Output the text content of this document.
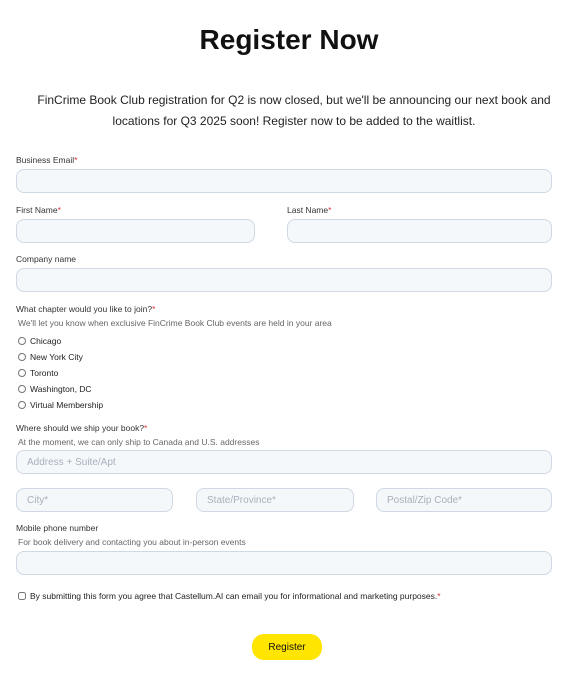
Register Now
FinCrime Book Club registration for Q2 is now closed, but we'll be announcing our next book and locations for Q3 2025 soon! Register now to be added to the waitlist.
Business Email*
First Name*	Last Name*
Company name
What chapter would you like to join?*
We'll let you know when exclusive FinCrime Book Club events are held in your area
Chicago
New York City
Toronto
Washington, DC
Virtual Membership
Where should we ship your book?*
At the moment, we can only ship to Canada and U.S. addresses
Address + Suite/Apt
City*
State/Province*
Postal/Zip Code*
Mobile phone number
For book delivery and contacting you about in-person events
By submitting this form you agree that Castellum.AI can email you for informational and marketing purposes. *
Register
